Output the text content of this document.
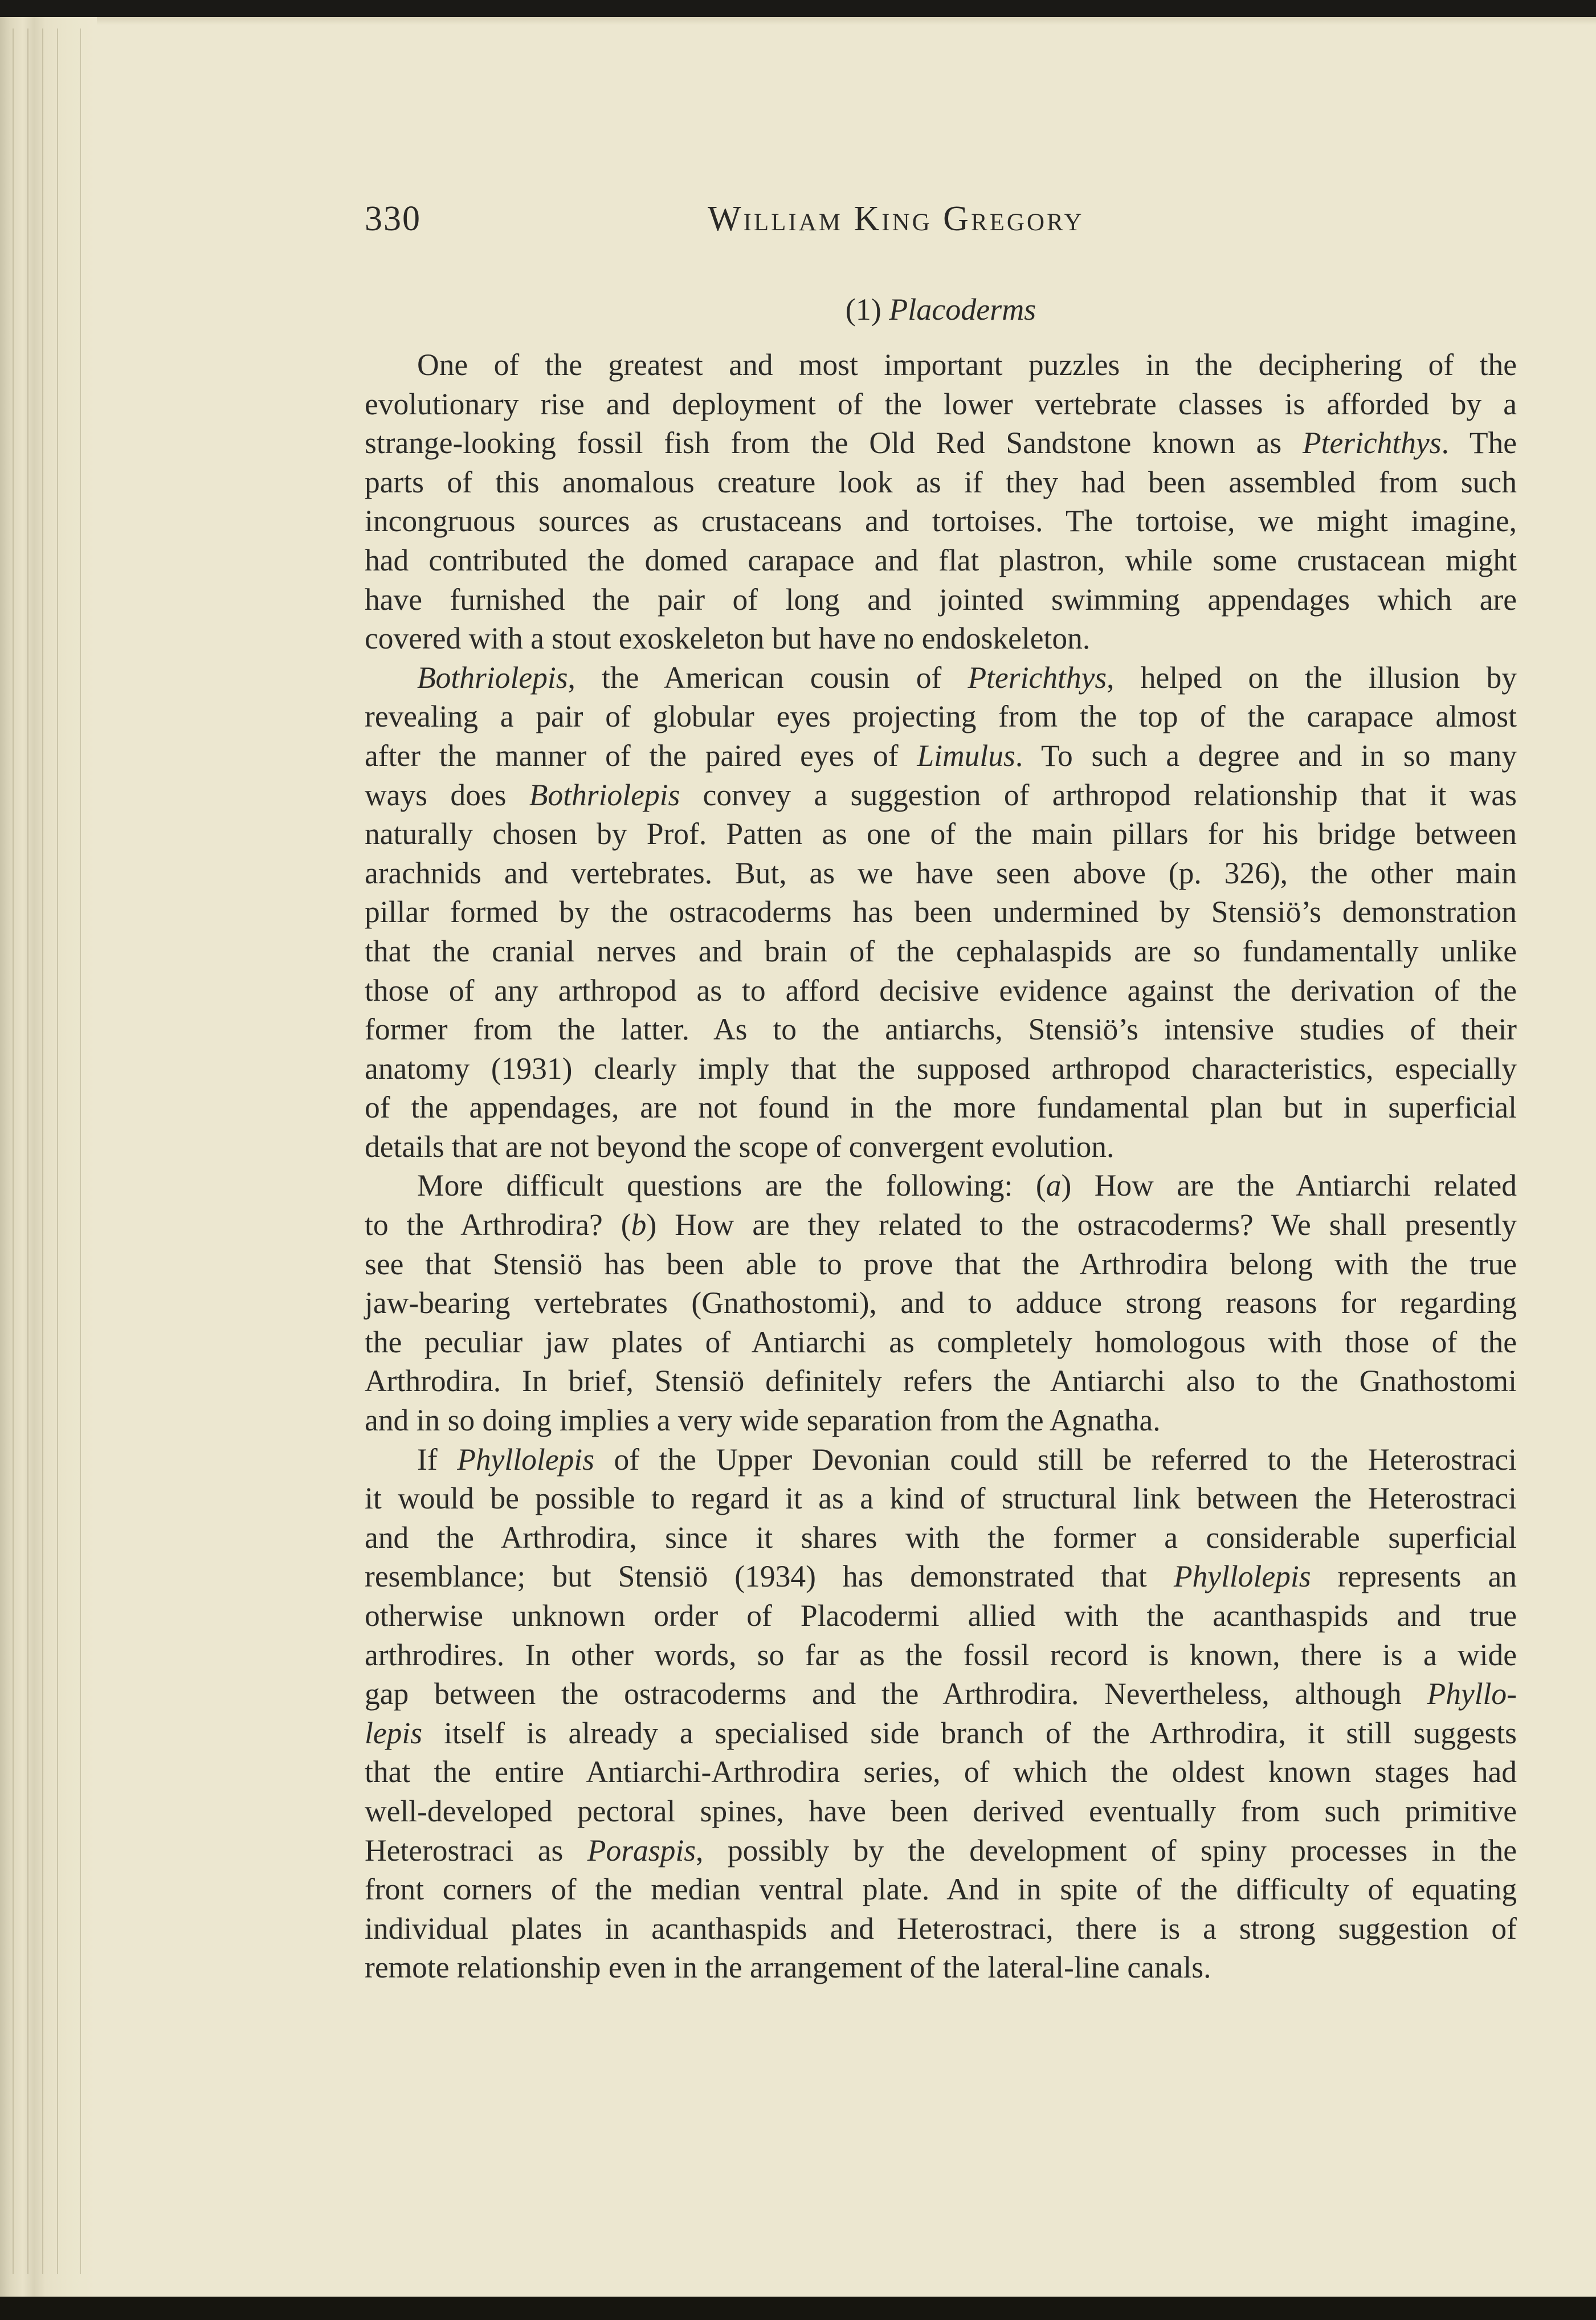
330	William King Gregory
(1) Placoderms
One of the greatest and most important puzzles in the deciphering of the
evolutionary rise and deployment of the lower vertebrate classes is afforded by a
strange-looking fossil fish from the Old Red Sandstone known as Pterichthys. The
parts of this anomalous creature look as if they had been assembled from such
incongruous sources as crustaceans and tortoises. The tortoise, we might imagine,
had contributed the domed carapace and flat plastron, while some crustacean might
have furnished the pair of long and jointed swimming appendages which are
covered with a stout exoskeleton but have no endoskeleton.
Bothriolepis, the American cousin of Pterichthys, helped on the illusion by
revealing a pair of globular eyes projecting from the top of the carapace almost
after the manner of the paired eyes of Limulus. To such a degree and in so many
ways does Bothriolepis convey a suggestion of arthropod relationship that it was
naturally chosen by Prof. Patten as one of the main pillars for his bridge between
arachnids and vertebrates. But, as we have seen above (p. 326), the other main
pillar formed by the ostracoderms has been undermined by Stensiö’s demonstration
that the cranial nerves and brain of the cephalaspids are so fundamentally unlike
those of any arthropod as to afford decisive evidence against the derivation of the
former from the latter. As to the antiarchs, Stensiö’s intensive studies of their
anatomy (1931) clearly imply that the supposed arthropod characteristics, especially
of the appendages, are not found in the more fundamental plan but in superficial
details that are not beyond the scope of convergent evolution.
More difficult questions are the following: (a) How are the Antiarchi related
to the Arthrodira? (b) How are they related to the ostracoderms? We shall presently
see that Stensiö has been able to prove that the Arthrodira belong with the true
jaw-bearing vertebrates (Gnathostomi), and to adduce strong reasons for regarding
the peculiar jaw plates of Antiarchi as completely homologous with those of the
Arthrodira. In brief, Stensiö definitely refers the Antiarchi also to the Gnathostomi
and in so doing implies a very wide separation from the Agnatha.
If Phyllolepis of the Upper Devonian could still be referred to the Heterostraci
it would be possible to regard it as a kind of structural link between the Heterostraci
and the Arthrodira, since it shares with the former a considerable superficial
resemblance; but Stensiö (1934) has demonstrated that Phyllolepis represents an
otherwise unknown order of Placodermi allied with the acanthaspids and true
arthrodires. In other words, so far as the fossil record is known, there is a wide
gap between the ostracoderms and the Arthrodira. Nevertheless, although Phyllo-
lepis itself is already a specialised side branch of the Arthrodira, it still suggests
that the entire Antiarchi-Arthrodira series, of which the oldest known stages had
well-developed pectoral spines, have been derived eventually from such primitive
Heterostraci as Poraspis, possibly by the development of spiny processes in the
front corners of the median ventral plate. And in spite of the difficulty of equating
individual plates in acanthaspids and Heterostraci, there is a strong suggestion of
remote relationship even in the arrangement of the lateral-line canals.
